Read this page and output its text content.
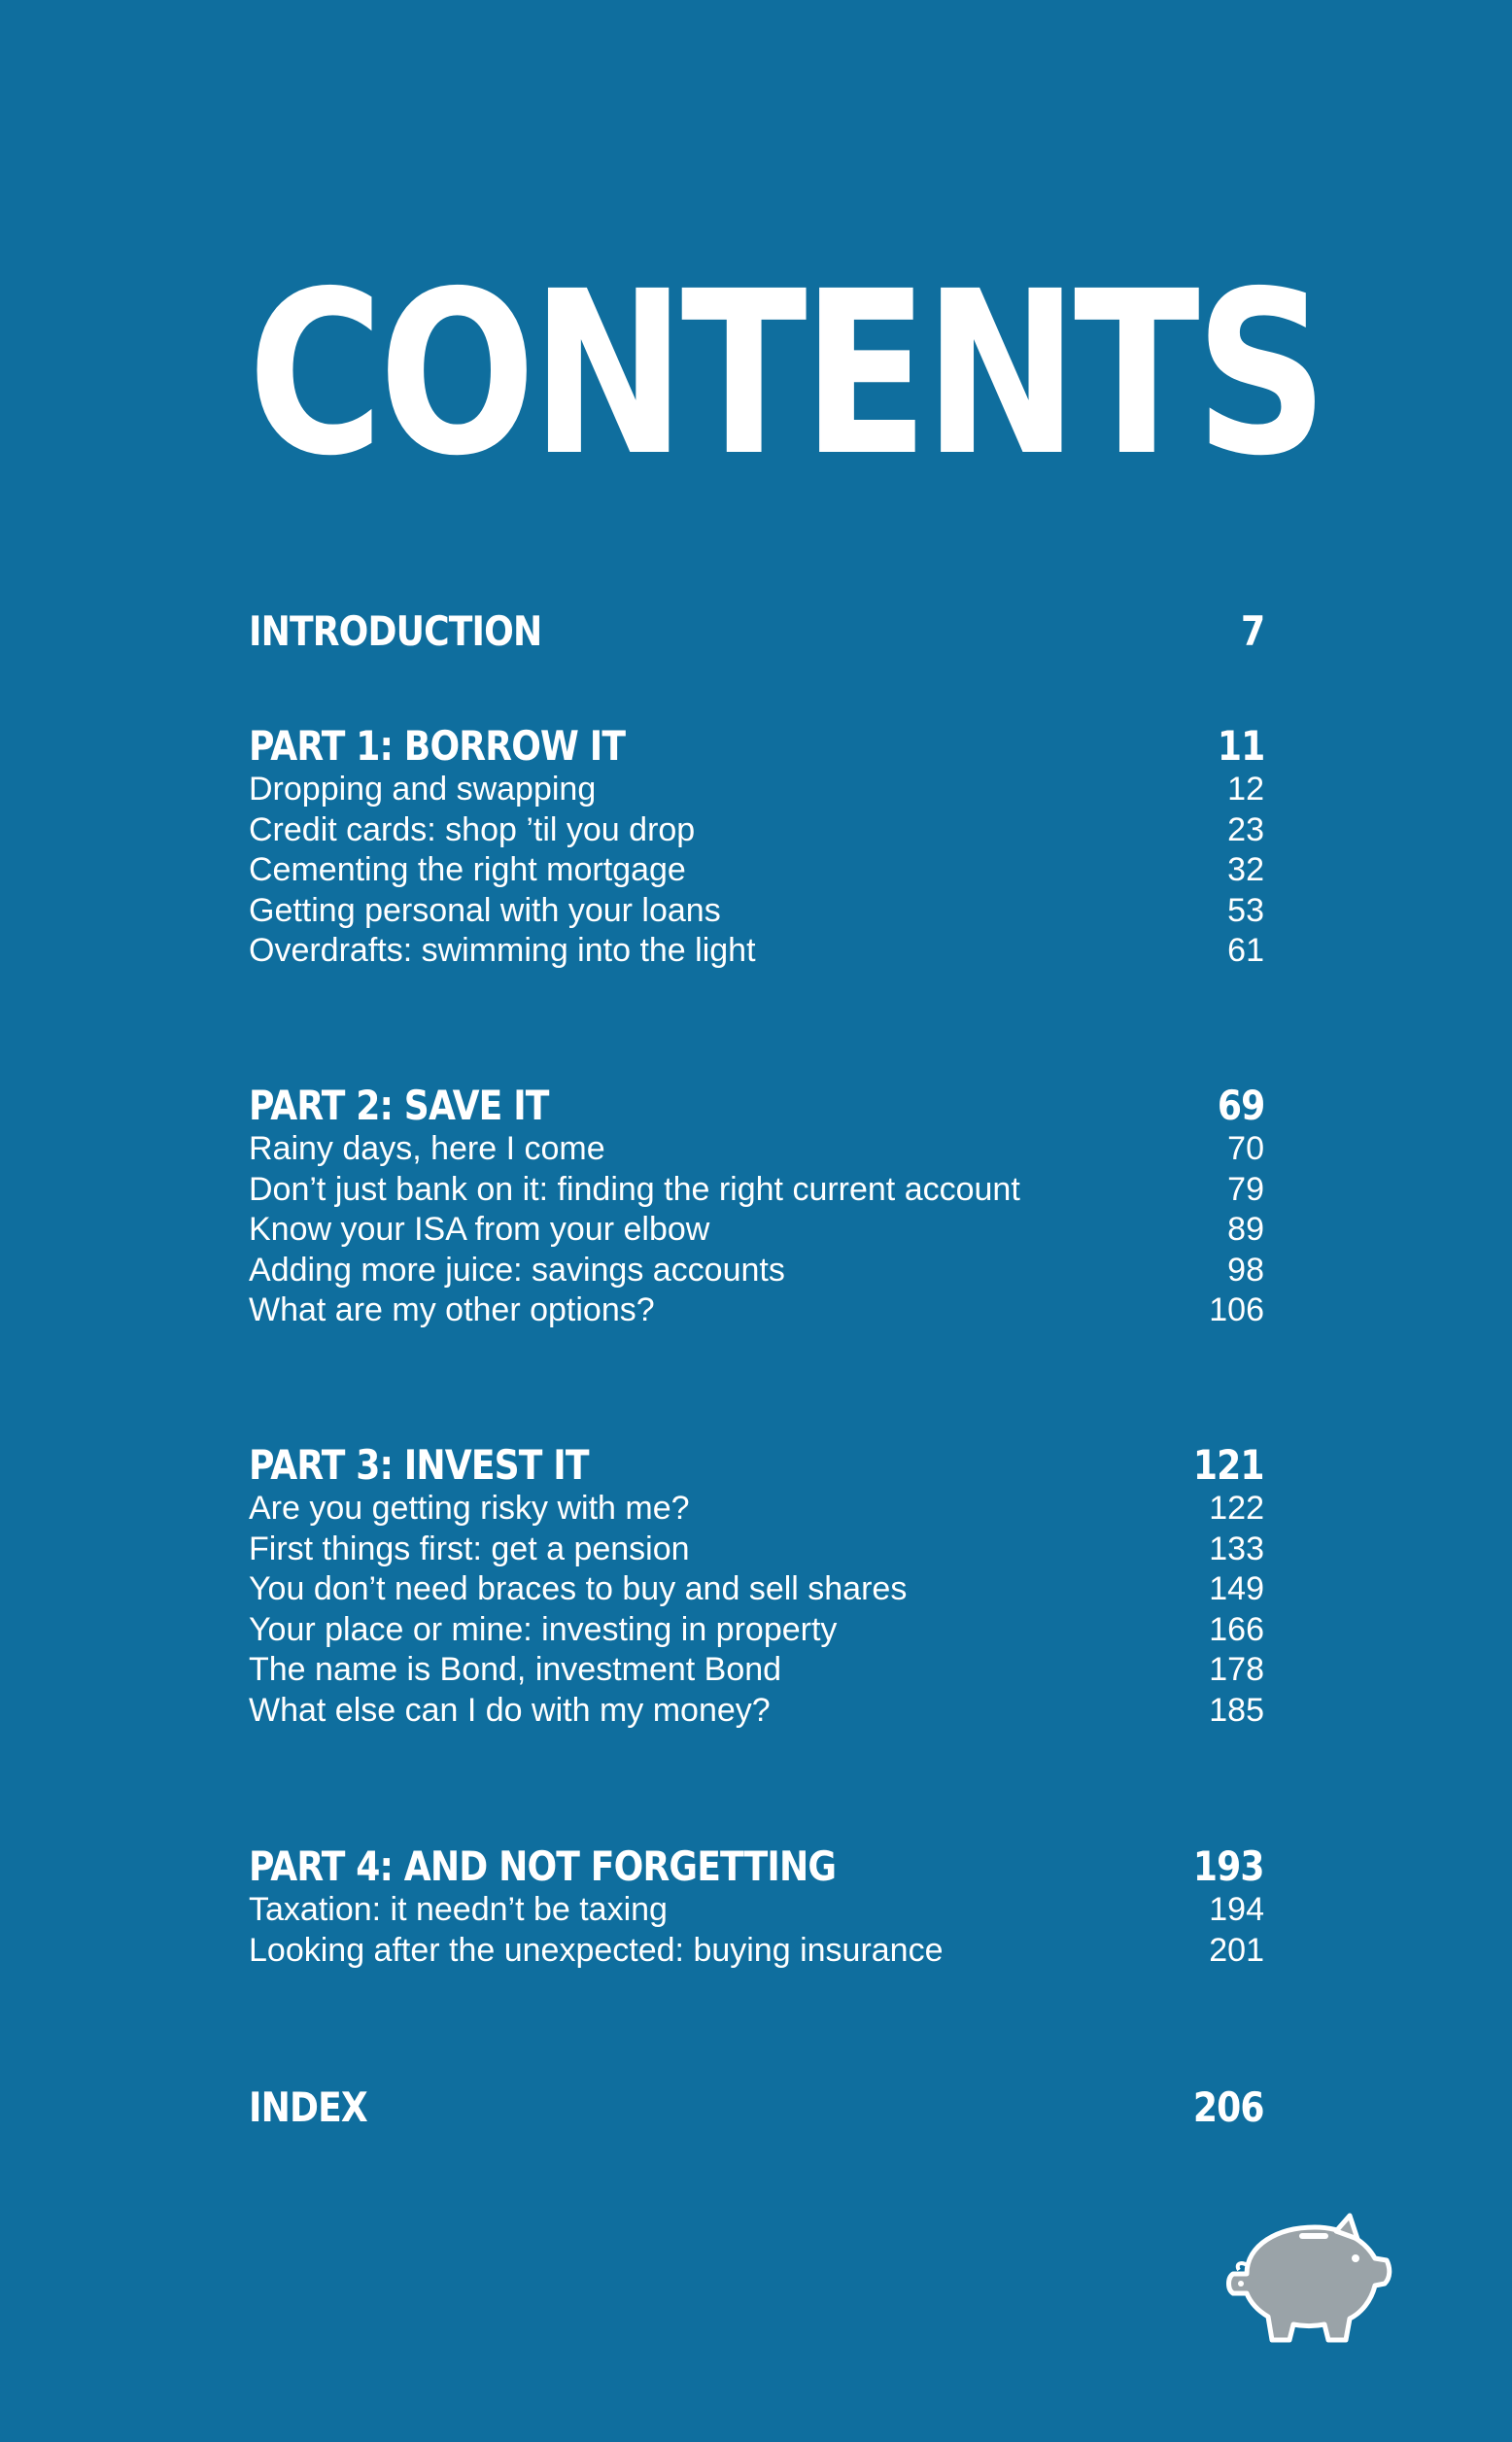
CONTENTS
INTRODUCTION	7
PART 1: BORROW IT	11
Dropping and swapping	12
Credit cards: shop ’til you drop	23
Cementing the right mortgage	32
Getting personal with your loans	53
Overdrafts: swimming into the light	61
PART 2: SAVE IT	69
Rainy days, here I come	70
Don’t just bank on it: finding the right current account	79
Know your ISA from your elbow	89
Adding more juice: savings accounts	98
What are my other options?	106
PART 3: INVEST IT	121
Are you getting risky with me?	122
First things first: get a pension	133
You don’t need braces to buy and sell shares	149
Your place or mine: investing in property	166
The name is Bond, investment Bond	178
What else can I do with my money?	185
PART 4: AND NOT FORGETTING	193
Taxation: it needn’t be taxing	194
Looking after the unexpected: buying insurance	201
INDEX	206
